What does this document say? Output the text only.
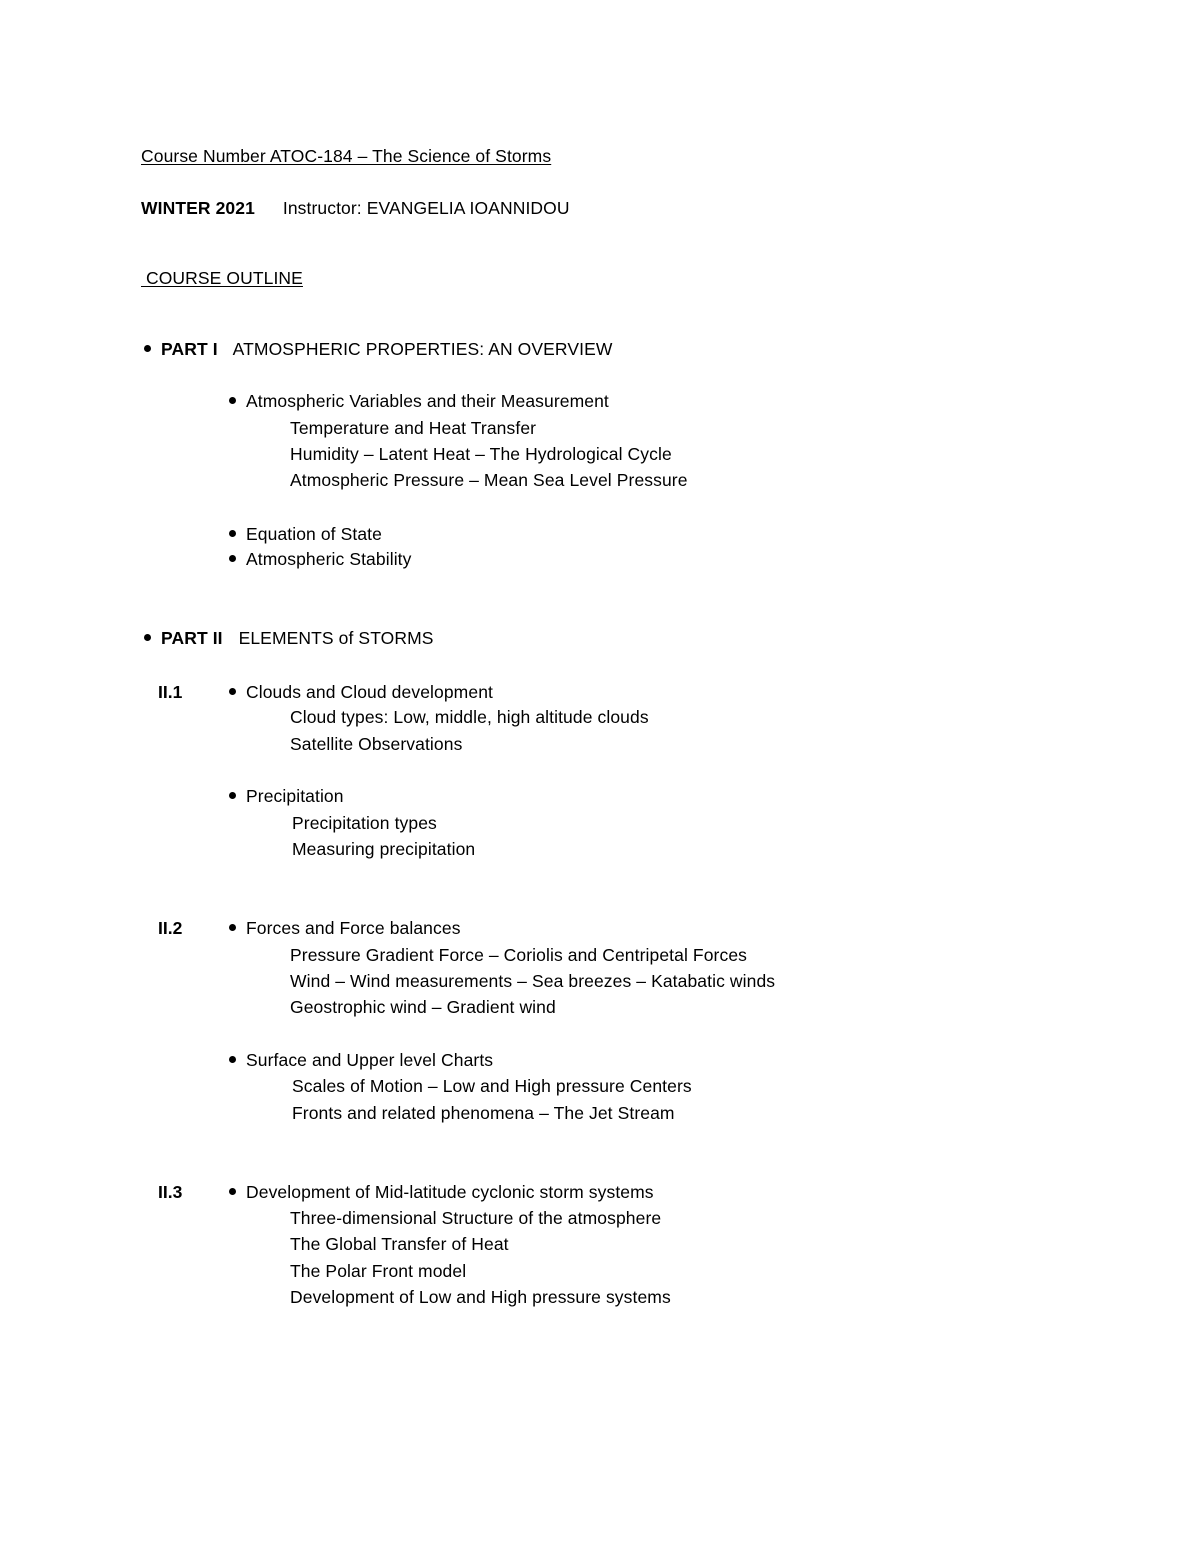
Course Number ATOC-184 – The Science of Storms
WINTER 2021 Instructor: EVANGELIA IOANNIDOU
COURSE OUTLINE
PART I ATMOSPHERIC PROPERTIES: AN OVERVIEW
Atmospheric Variables and their Measurement
Temperature and Heat Transfer
Humidity – Latent Heat – The Hydrological Cycle
Atmospheric Pressure – Mean Sea Level Pressure
Equation of State
Atmospheric Stability
PART II ELEMENTS of STORMS
II.1	Clouds and Cloud development
Cloud types: Low, middle, high altitude clouds
Satellite Observations
Precipitation
Precipitation types
Measuring precipitation
II.2	Forces and Force balances
Pressure Gradient Force – Coriolis and Centripetal Forces
Wind – Wind measurements – Sea breezes – Katabatic winds
Geostrophic wind – Gradient wind
Surface and Upper level Charts
Scales of Motion – Low and High pressure Centers
Fronts and related phenomena – The Jet Stream
II.3	Development of Mid-latitude cyclonic storm systems
Three-dimensional Structure of the atmosphere
The Global Transfer of Heat
The Polar Front model
Development of Low and High pressure systems
